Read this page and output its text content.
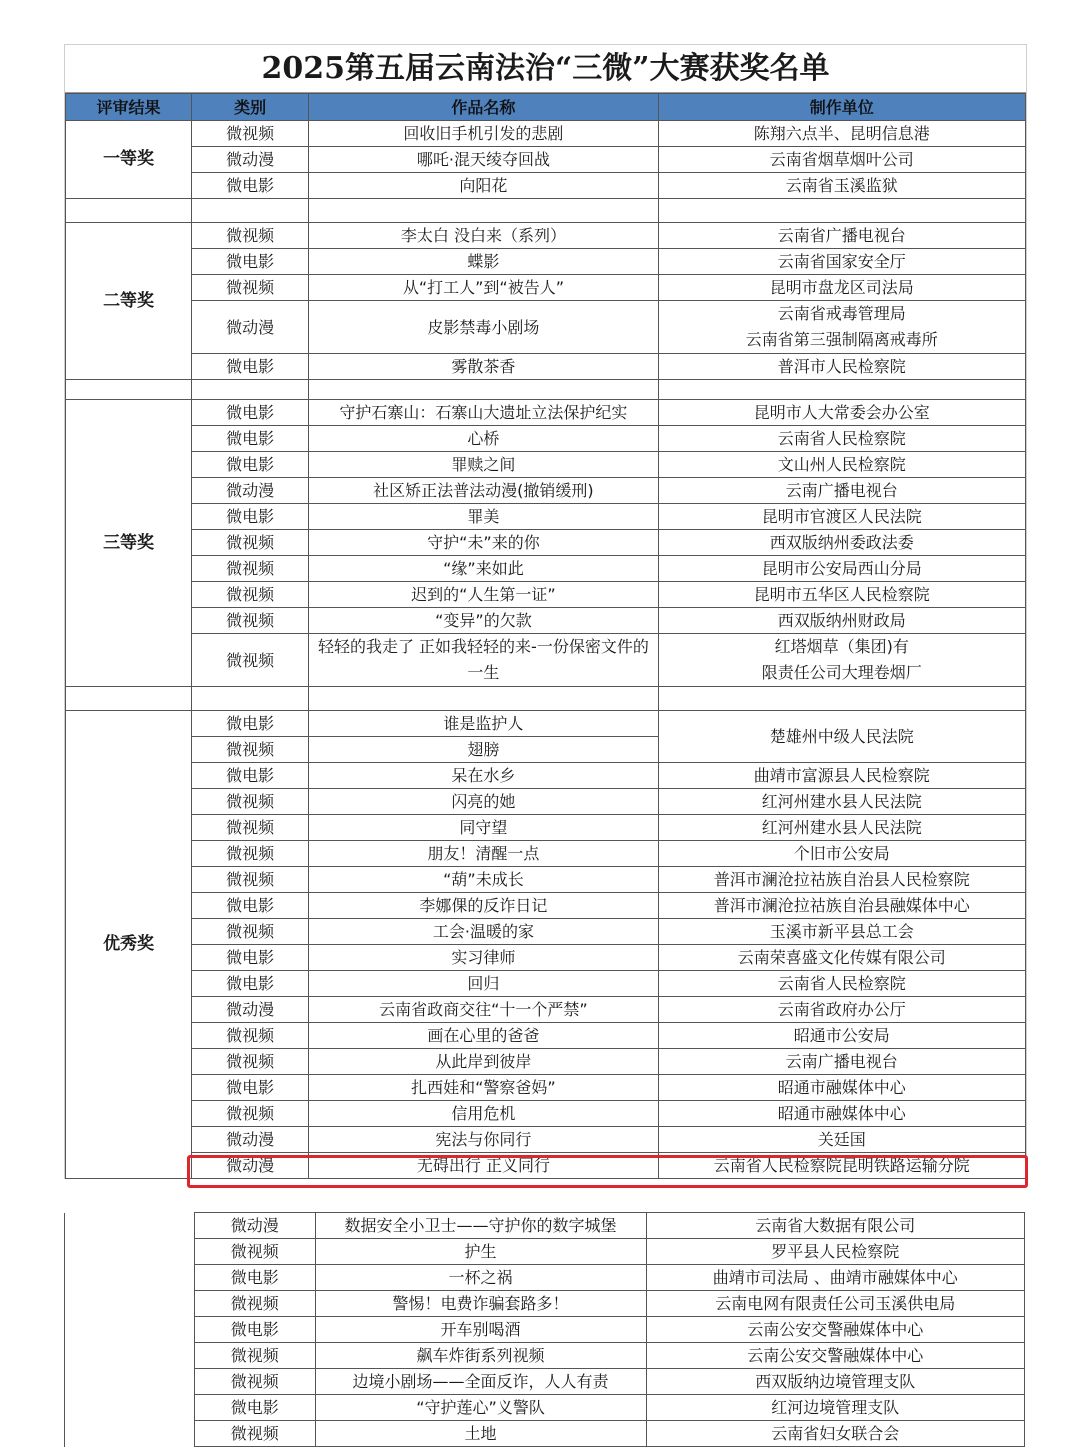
2025第五届云南法治“三微”大赛获奖名单
评审结果	类别	作品名称	制作单位
一等奖	微视频	回收旧手机引发的悲剧	陈翔六点半、昆明信息港
	微动漫	哪吒·混天绫夺回战	云南省烟草烟叶公司
	微电影	向阳花	云南省玉溪监狱

二等奖	微视频	李太白 没白来（系列）	云南省广播电视台
	微电影	蝶影	云南省国家安全厅
	微视频	从“打工人”到“被告人”	昆明市盘龙区司法局
	微动漫	皮影禁毒小剧场	云南省戒毒管理局
云南省第三强制隔离戒毒所
	微电影	雾散茶香	普洱市人民检察院

三等奖	微电影	守护石寨山：石寨山大遗址立法保护纪实	昆明市人大常委会办公室
	微电影	心桥	云南省人民检察院
	微电影	罪赎之间	文山州人民检察院
	微动漫	社区矫正法普法动漫(撤销缓刑)	云南广播电视台
	微电影	罪美	昆明市官渡区人民法院
	微视频	守护“未”来的你	西双版纳州委政法委
	微视频	“缘”来如此	昆明市公安局西山分局
	微视频	迟到的“人生第一证”	昆明市五华区人民检察院
	微视频	“变异”的欠款	西双版纳州财政局
	微视频	轻轻的我走了 正如我轻轻的来-一份保密文件的一生	红塔烟草（集团)有
限责任公司大理卷烟厂

优秀奖	微电影	谁是监护人	楚雄州中级人民法院
	微视频	翅膀	
	微电影	呆在水乡	曲靖市富源县人民检察院
	微视频	闪亮的她	红河州建水县人民法院
	微视频	同守望	红河州建水县人民法院
	微视频	朋友！清醒一点	个旧市公安局
	微视频	“葫”未成长	普洱市澜沧拉祜族自治县人民检察院
	微电影	李娜倮的反诈日记	普洱市澜沧拉祜族自治县融媒体中心
	微视频	工会·温暖的家	玉溪市新平县总工会
	微电影	实习律师	云南荣喜盛文化传媒有限公司
	微电影	回归	云南省人民检察院
	微动漫	云南省政商交往“十一个严禁”	云南省政府办公厅
	微视频	画在心里的爸爸	昭通市公安局
	微视频	从此岸到彼岸	云南广播电视台
	微电影	扎西娃和“警察爸妈”	昭通市融媒体中心
	微视频	信用危机	昭通市融媒体中心
	微动漫	宪法与你同行	关廷国
	微动漫	无碍出行 正义同行	云南省人民检察院昆明铁路运输分院
	微动漫	数据安全小卫士——守护你的数字城堡	云南省大数据有限公司
	微视频	护生	罗平县人民检察院
	微电影	一杯之祸	曲靖市司法局 、曲靖市融媒体中心
	微视频	警惕！电费诈骗套路多！	云南电网有限责任公司玉溪供电局
	微电影	开车别喝酒	云南公安交警融媒体中心
	微视频	飙车炸街系列视频	云南公安交警融媒体中心
	微视频	边境小剧场——全面反诈，人人有责	西双版纳边境管理支队
	微电影	“守护莲心”义警队	红河边境管理支队
	微视频	土地	云南省妇女联合会
